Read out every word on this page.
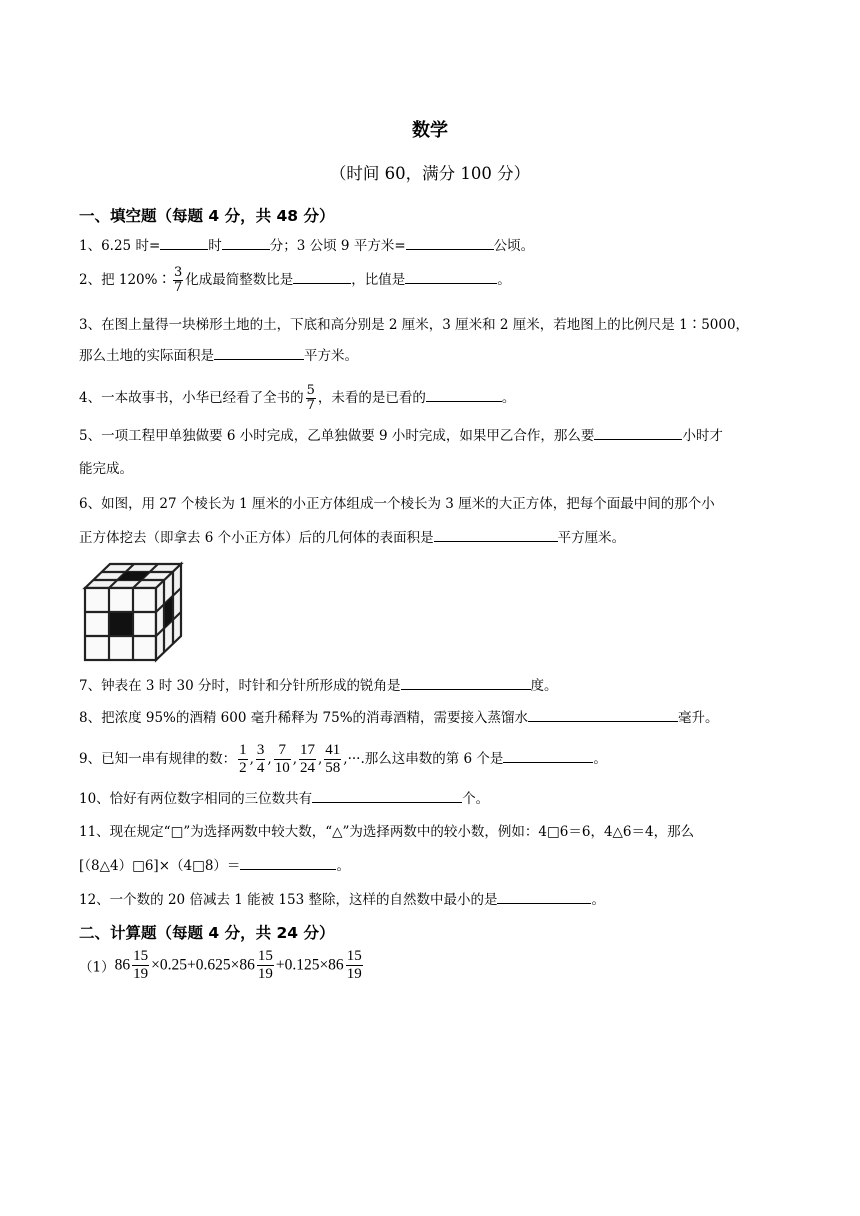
数学
（时间 60，满分 100 分）
一、填空题（每题 4 分，共 48 分）
1、6.25 时=	时	分；3 公顷 9 平方米=	公顷。
2、把 120%∶ $\frac{3}{7}$ 化成最简整数比是	，比值是	。
3、在图上量得一块梯形土地的土，下底和高分别是 2 厘米，3 厘米和 2 厘米，若地图上的比例尺是 1∶5000，
那么土地的实际面积是	平方米。
4、一本故事书，小华已经看了全书的 $\frac{5}{7}$ ，未看的是已看的	。
5、一项工程甲单独做要 6 小时完成，乙单独做要 9 小时完成，如果甲乙合作，那么要	小时才
能完成。
6、如图，用 27 个棱长为 1 厘米的小正方体组成一个棱长为 3 厘米的大正方体，把每个面最中间的那个小
正方体挖去（即拿去 6 个小正方体）后的几何体的表面积是	平方厘米。
7、钟表在 3 时 30 分时，时针和分针所形成的锐角是	度。
8、把浓度 95%的酒精 600 毫升稀释为 75%的消毒酒精，需要接入蒸馏水	毫升。
9、已知一串有规律的数： $\frac{1}{2}$ , $\frac{3}{4}$ , $\frac{7}{10}$ , $\frac{17}{24}$ , $\frac{41}{58}$ ,···.那么这串数的第 6 个是	。
10、恰好有两位数字相同的三位数共有	个。
11、现在规定“□”为选择两数中较大数，“△”为选择两数中的较小数，例如：4□6＝6，4△6＝4，那么
[（8△4）□6]×（4□8）＝	。
12、一个数的 20 倍减去 1 能被 153 整除，这样的自然数中最小的是	。
二、计算题（每题 4 分，共 24 分）
$(1)86 \frac{15}{19} \times 0.25+0.625\times 86 \frac{15}{19} +0.125\times 86 \frac{15}{19}$
